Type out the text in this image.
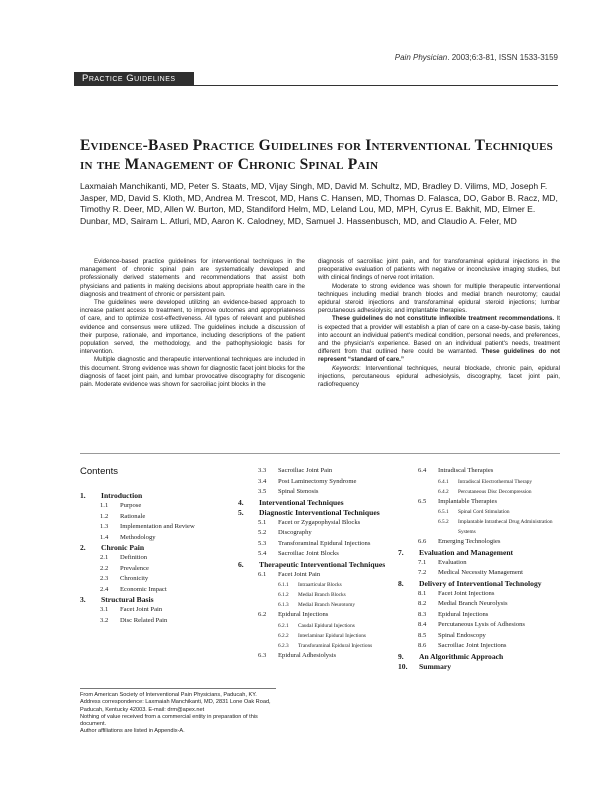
Pain Physician. 2003;6:3-81, ISSN 1533-3159
Practice Guidelines
Evidence-Based Practice Guidelines for Interventional Techniques in the Management of Chronic Spinal Pain
Laxmaiah Manchikanti, MD, Peter S. Staats, MD, Vijay Singh, MD, David M. Schultz, MD, Bradley D. Vilims, MD, Joseph F. Jasper, MD, David S. Kloth, MD, Andrea M. Trescot, MD, Hans C. Hansen, MD, Thomas D. Falasca, DO, Gabor B. Racz, MD, Timothy R. Deer, MD, Allen W. Burton, MD, Standiford Helm, MD, Leland Lou, MD, MPH, Cyrus E. Bakhit, MD, Elmer E. Dunbar, MD, Sairam L. Atluri, MD, Aaron K. Calodney, MD, Samuel J. Hassenbusch, MD, and Claudio A. Feler, MD

Evidence-based practice guidelines for interventional techniques in the management of chronic spinal pain are systematically developed and professionally derived statements and recommendations that assist both physicians and patients in making decisions about appropriate health care in the diagnosis and treatment of chronic or persistent pain.

The guidelines were developed utilizing an evidence-based approach to increase patient access to treatment, to improve outcomes and appropriateness of care, and to optimize cost-effectiveness. All types of relevant and published evidence and consensus were utilized. The guidelines include a discussion of their purpose, rationale, and importance, including descriptions of the patient population served, the methodology, and the pathophysiologic basis for intervention.

Multiple diagnostic and therapeutic interventional techniques are included in this document. Strong evidence was shown for diagnostic facet joint blocks for the diagnosis of facet joint pain, and lumbar provocative discography for discogenic pain. Moderate evidence was shown for sacroiliac joint blocks in the

diagnosis of sacroiliac joint pain, and for transforaminal epidural injections in the preoperative evaluation of patients with negative or inconclusive imaging studies, but with clinical findings of nerve root irritation.

Moderate to strong evidence was shown for multiple therapeutic interventional techniques including medial branch blocks and medial branch neurotomy; caudal epidural steroid injections and transforaminal epidural steroid injections; lumbar percutaneous adhesiolysis; and implantable therapies.

These guidelines do not constitute inflexible treatment recommendations. It is expected that a provider will establish a plan of care on a case-by-case basis, taking into account an individual patient's medical condition, personal needs, and preferences, and the physician's experience. Based on an individual patient's needs, treatment different from that outlined here could be warranted. These guidelines do not represent “standard of care.”

Keywords: Interventional techniques, neural blockade, chronic pain, epidural injections, percutaneous epidural adhesiolysis, discography, facet joint pain, radiofrequency

Contents
1.	Introduction
1.1	Purpose
1.2	Rationale
1.3	Implementation and Review
1.4	Methodology
2.	Chronic Pain
2.1	Definition
2.2	Prevalence
2.3	Chronicity
2.4	Economic Impact
3.	Structural Basis
3.1	Facet Joint Pain
3.2	Disc Related Pain
3.3	Sacroiliac Joint Pain
3.4	Post Laminectomy Syndrome
3.5	Spinal Stenosis
4.	Interventional Techniques
5.	Diagnostic Interventional Techniques
5.1	Facet or Zygapophysial Blocks
5.2	Discography
5.3	Transforaminal Epidural Injections
5.4	Sacroiliac Joint Blocks
6.	Therapeutic Interventional Techniques
6.1	Facet Joint Pain
6.1.1	Intraarticular Blocks
6.1.2	Medial Branch Blocks
6.1.3	Medial Branch Neurotomy
6.2	Epidural Injections
6.2.1	Caudal Epidural Injections
6.2.2	Interlaminar Epidural Injections
6.2.3	Transforaminal Epidural Injections
6.3	Epidural Adhesiolysis
6.4	Intradiscal Therapies
6.4.1	Intradiscal Electrothermal Therapy
6.4.2	Percutaneous Disc Decompression
6.5	Implantable Therapies
6.5.1	Spinal Cord Stimulation
6.5.2	Implantable Intrathecal Drug Administration Systems
6.6	Emerging Technologies
7.	Evaluation and Management
7.1	Evaluation
7.2	Medical Necessity Management
8.	Delivery of Interventional Technology
8.1	Facet Joint Injections
8.2	Medial Branch Neurolysis
8.3	Epidural Injections
8.4	Percutaneous Lysis of Adhesions
8.5	Spinal Endoscopy
8.6	Sacroiliac Joint Injections
9.	An Algorithmic Approach
10.	Summary
From American Society of Interventional Pain Physicians, Paducah, KY. Address correspondence: Laxmaiah Manchikanti, MD, 2831 Lone Oak Road, Paducah, Kentucky 42003. E-mail: drm@apex.net
Nothing of value received from a commercial entity in preparation of this document.
Author affiliations are listed in Appendix-A.
